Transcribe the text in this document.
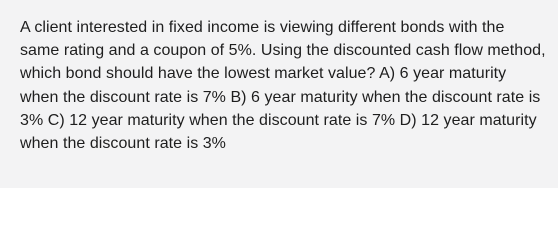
A client interested in fixed income is viewing different bonds with the same rating and a coupon of 5%. Using the discounted cash flow method, which bond should have the lowest market value? A) 6 year maturity when the discount rate is 7% B) 6 year maturity when the discount rate is 3% C) 12 year maturity when the discount rate is 7% D) 12 year maturity when the discount rate is 3%
